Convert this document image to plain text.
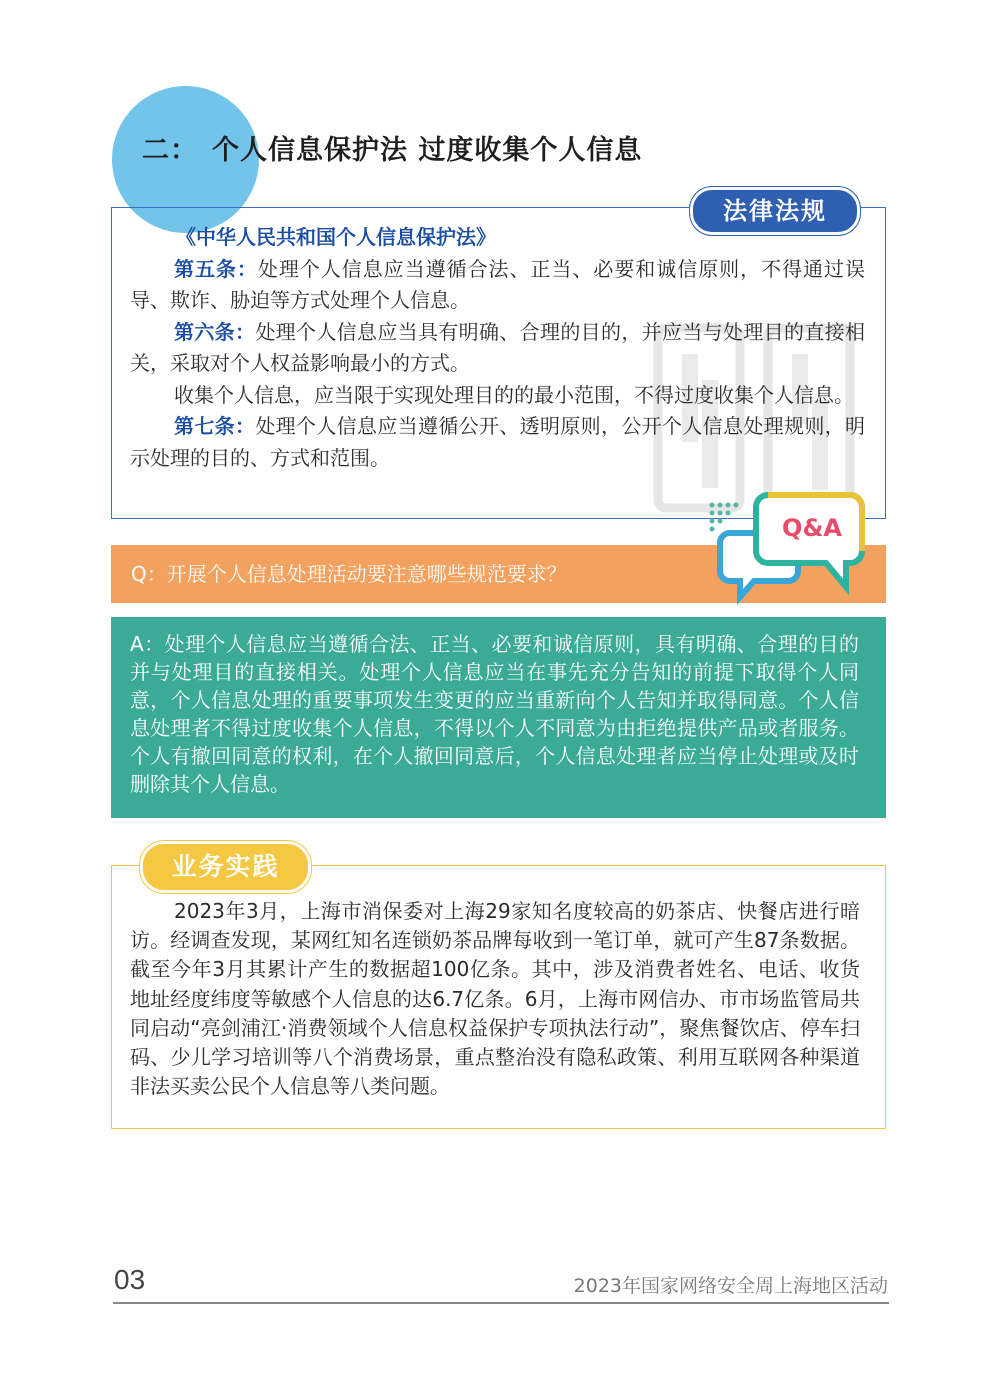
二： 个人信息保护法 过度收集个人信息
法律法规
《中华人民共和国个人信息保护法》

第五条：处理个人信息应当遵循合法、正当、必要和诚信原则，不得通过误导、欺诈、胁迫等方式处理个人信息。

第六条：处理个人信息应当具有明确、合理的目的，并应当与处理目的直接相关，采取对个人权益影响最小的方式。

收集个人信息，应当限于实现处理目的的最小范围，不得过度收集个人信息。

第七条：处理个人信息应当遵循公开、透明原则，公开个人信息处理规则，明示处理的目的、方式和范围。

Q：开展个人信息处理活动要注意哪些规范要求？
Q&A
A：处理个人信息应当遵循合法、正当、必要和诚信原则，具有明确、合理的目的并与处理目的直接相关。处理个人信息应当在事先充分告知的前提下取得个人同意，个人信息处理的重要事项发生变更的应当重新向个人告知并取得同意。个人信息处理者不得过度收集个人信息，不得以个人不同意为由拒绝提供产品或者服务。个人有撤回同意的权利，在个人撤回同意后，个人信息处理者应当停止处理或及时删除其个人信息。
业务实践

2023年3月，上海市消保委对上海29家知名度较高的奶茶店、快餐店进行暗访。经调查发现，某网红知名连锁奶茶品牌每收到一笔订单，就可产生87条数据。截至今年3月其累计产生的数据超100亿条。其中，涉及消费者姓名、电话、收货地址经度纬度等敏感个人信息的达6.7亿条。6月，上海市网信办、市市场监管局共同启动“亮剑浦江·消费领域个人信息权益保护专项执法行动”，聚焦餐饮店、停车扫码、少儿学习培训等八个消费场景，重点整治没有隐私政策、利用互联网各种渠道非法买卖公民个人信息等八类问题。

03	2023年国家网络安全周上海地区活动
